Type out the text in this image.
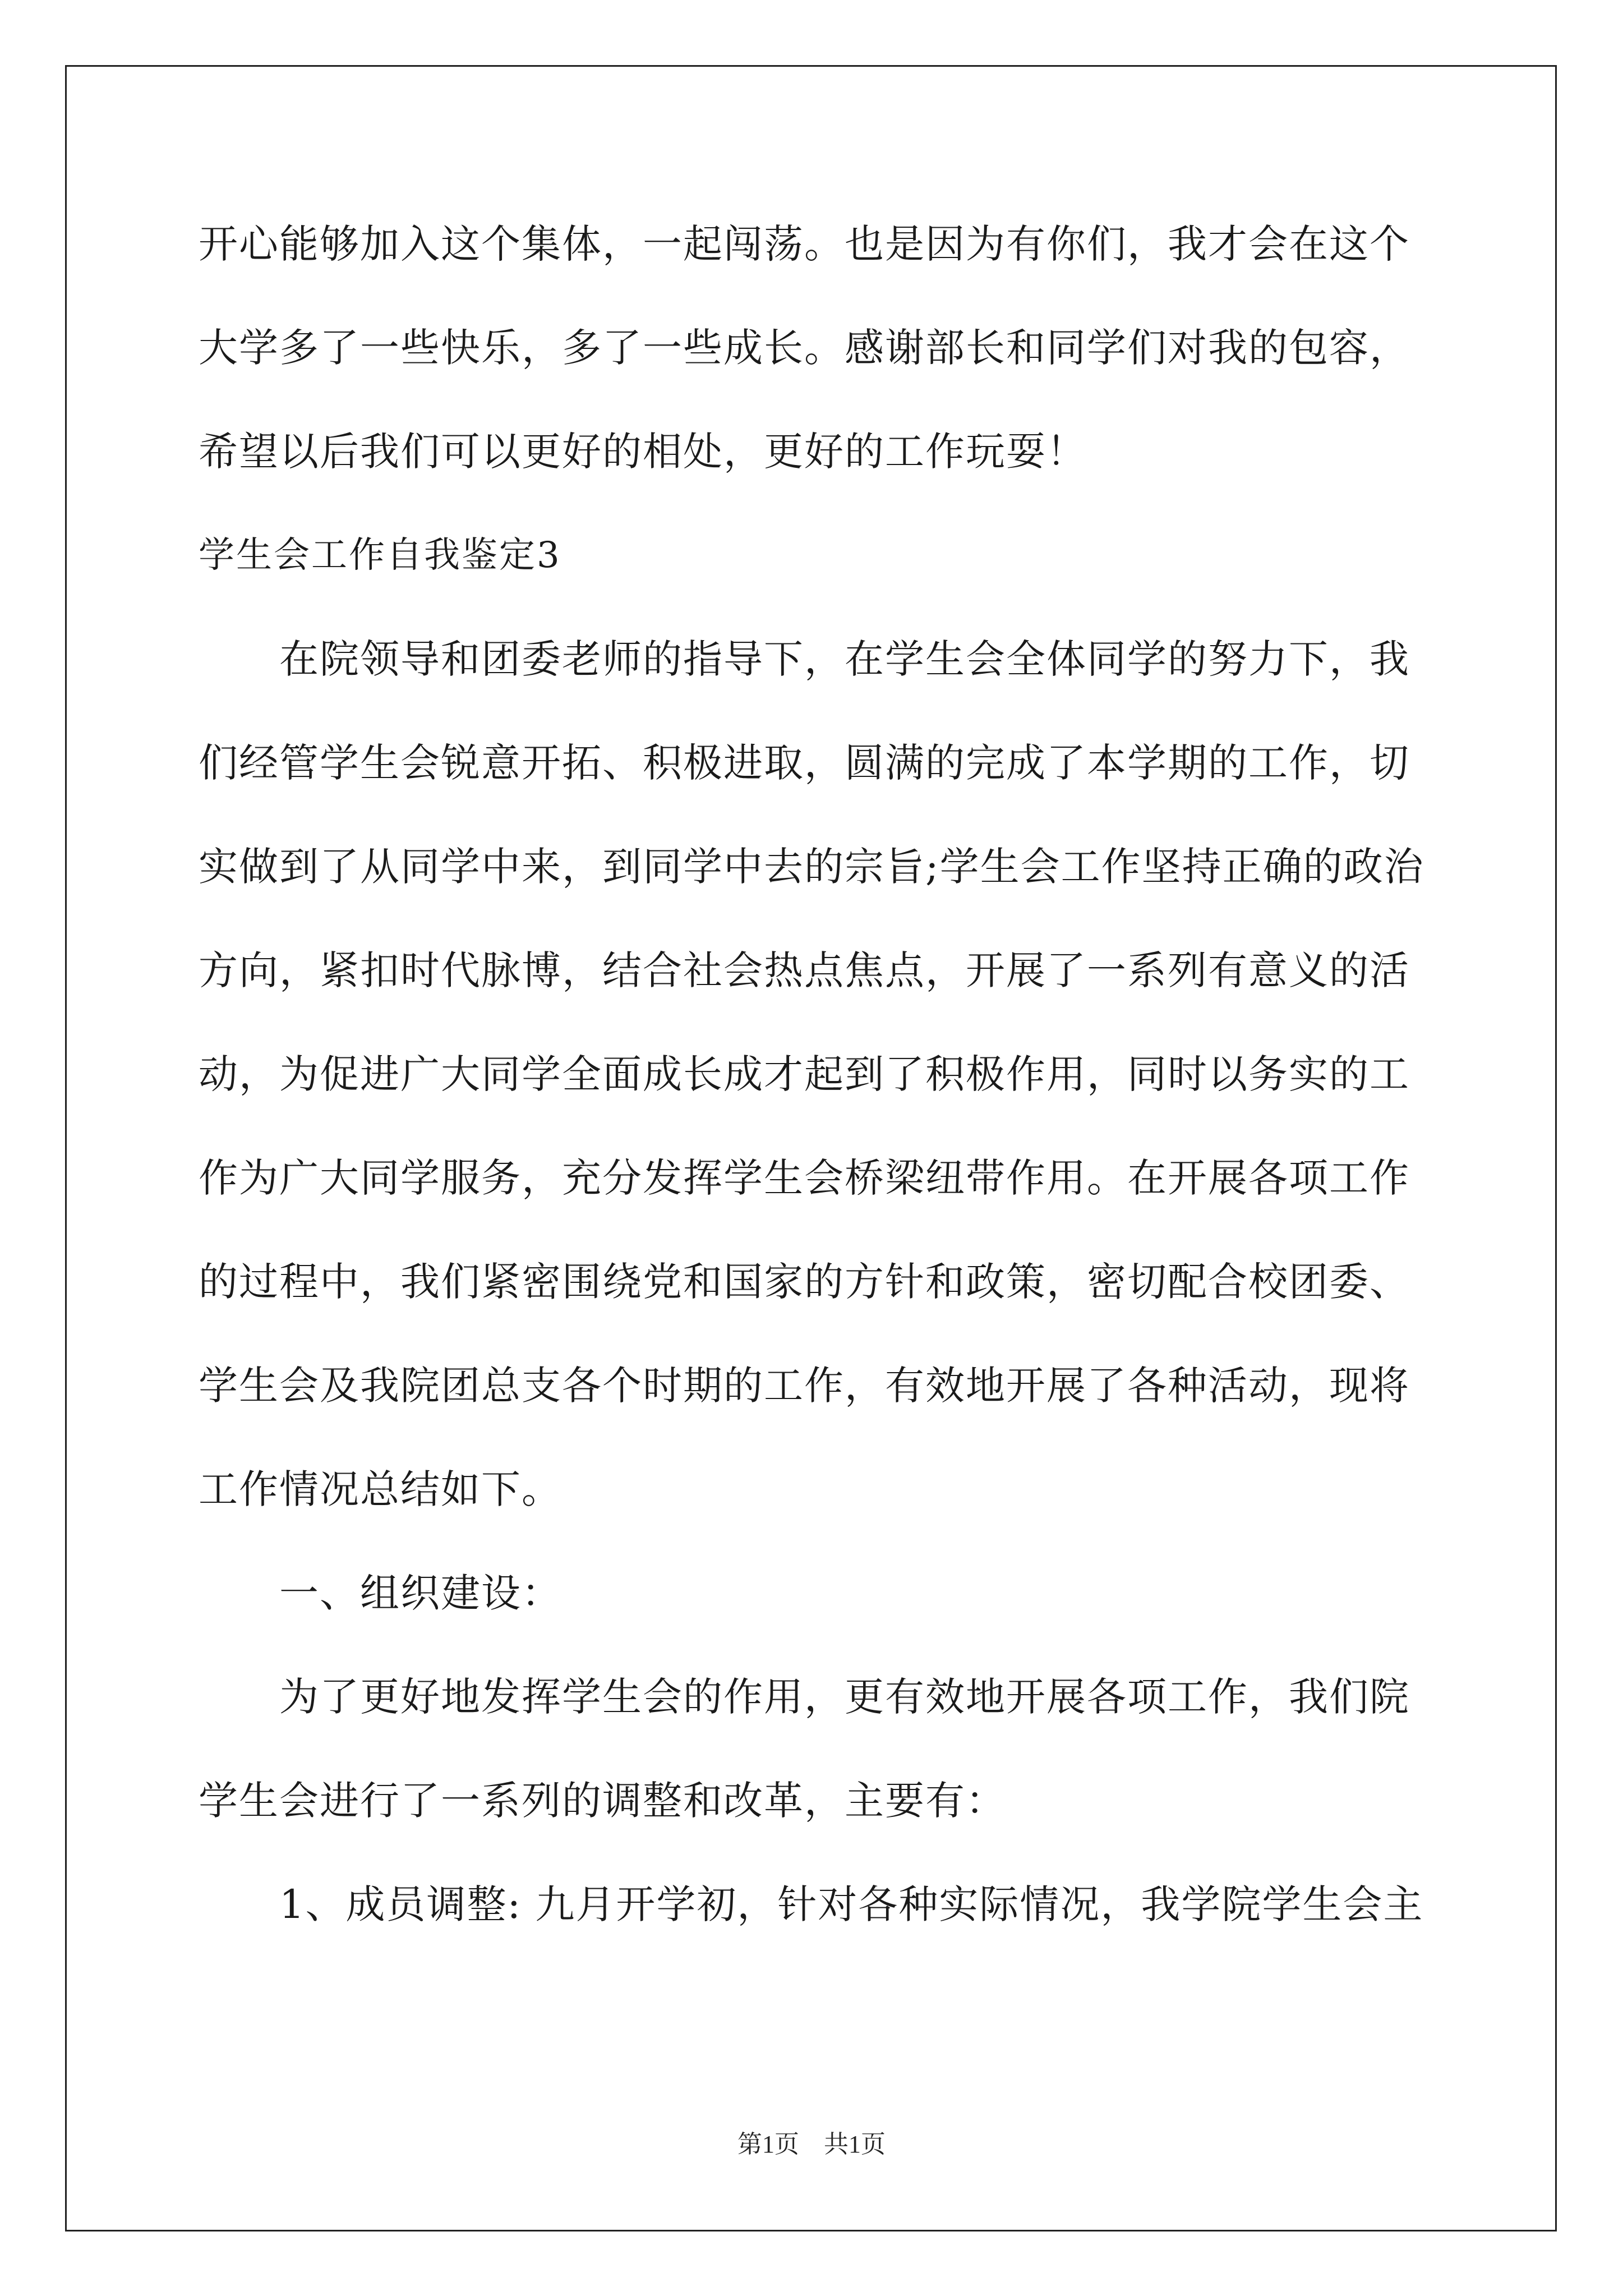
开心能够加入这个集体，一起闯荡。也是因为有你们，我才会在这个
大学多了一些快乐，多了一些成长。感谢部长和同学们对我的包容，
希望以后我们可以更好的相处，更好的工作玩耍！
学生会工作自我鉴定3
在院领导和团委老师的指导下，在学生会全体同学的努力下，我
们经管学生会锐意开拓、积极进取，圆满的完成了本学期的工作，切
实做到了从同学中来，到同学中去的宗旨;学生会工作坚持正确的政治
方向，紧扣时代脉博，结合社会热点焦点，开展了一系列有意义的活
动，为促进广大同学全面成长成才起到了积极作用，同时以务实的工
作为广大同学服务，充分发挥学生会桥梁纽带作用。在开展各项工作
的过程中，我们紧密围绕党和国家的方针和政策，密切配合校团委、
学生会及我院团总支各个时期的工作，有效地开展了各种活动，现将
工作情况总结如下。
一、组织建设：
为了更好地发挥学生会的作用，更有效地开展各项工作，我们院
学生会进行了一系列的调整和改革，主要有：
1、成员调整: 九月开学初，针对各种实际情况，我学院学生会主
第1页　共1页
